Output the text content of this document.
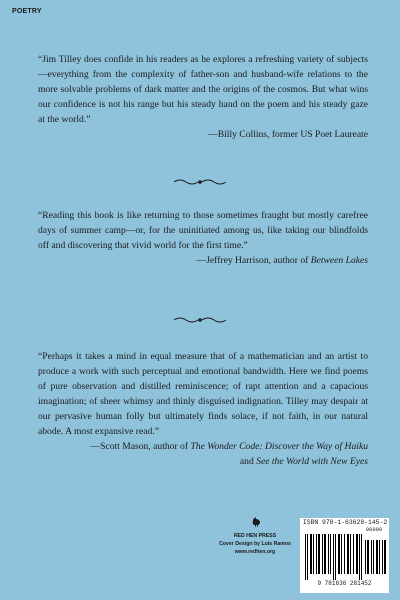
POETRY

“Jim Tilley does confide in his readers as he explores a refreshing variety of subjects—everything from the complexity of father-son and husband-wife relations to the more solvable problems of dark matter and the origins of the cosmos. But what wins our confidence is not his range but his steady hand on the poem and his steady gaze at the world.”

—Billy Collins, former US Poet Laureate

“Reading this book is like returning to those sometimes fraught but mostly carefree days of summer camp—or, for the uninitiated among us, like taking our blindfolds off and discovering that vivid world for the first time.”

—Jeffrey Harrison, author of Between Lakes

“Perhaps it takes a mind in equal measure that of a mathematician and an artist to produce a work with such perceptual and emotional bandwidth. Here we find poems of pure observation and distilled reminiscence; of rapt attention and a capacious imagination; of sheer whimsy and thinly disguised indignation. Tilley may despair at our pervasive human folly but ultimately finds solace, if not faith, in our natural abode. A most expansive read.”

—Scott Mason, author of The Wonder Code: Discover the Way of Haiku
and See the World with New Eyes
RED HEN PRESS
Cover Design by Luis Ramos
www.redhen.org
ISBN 978-1-63628-145-2
90000
9 781636 281452
